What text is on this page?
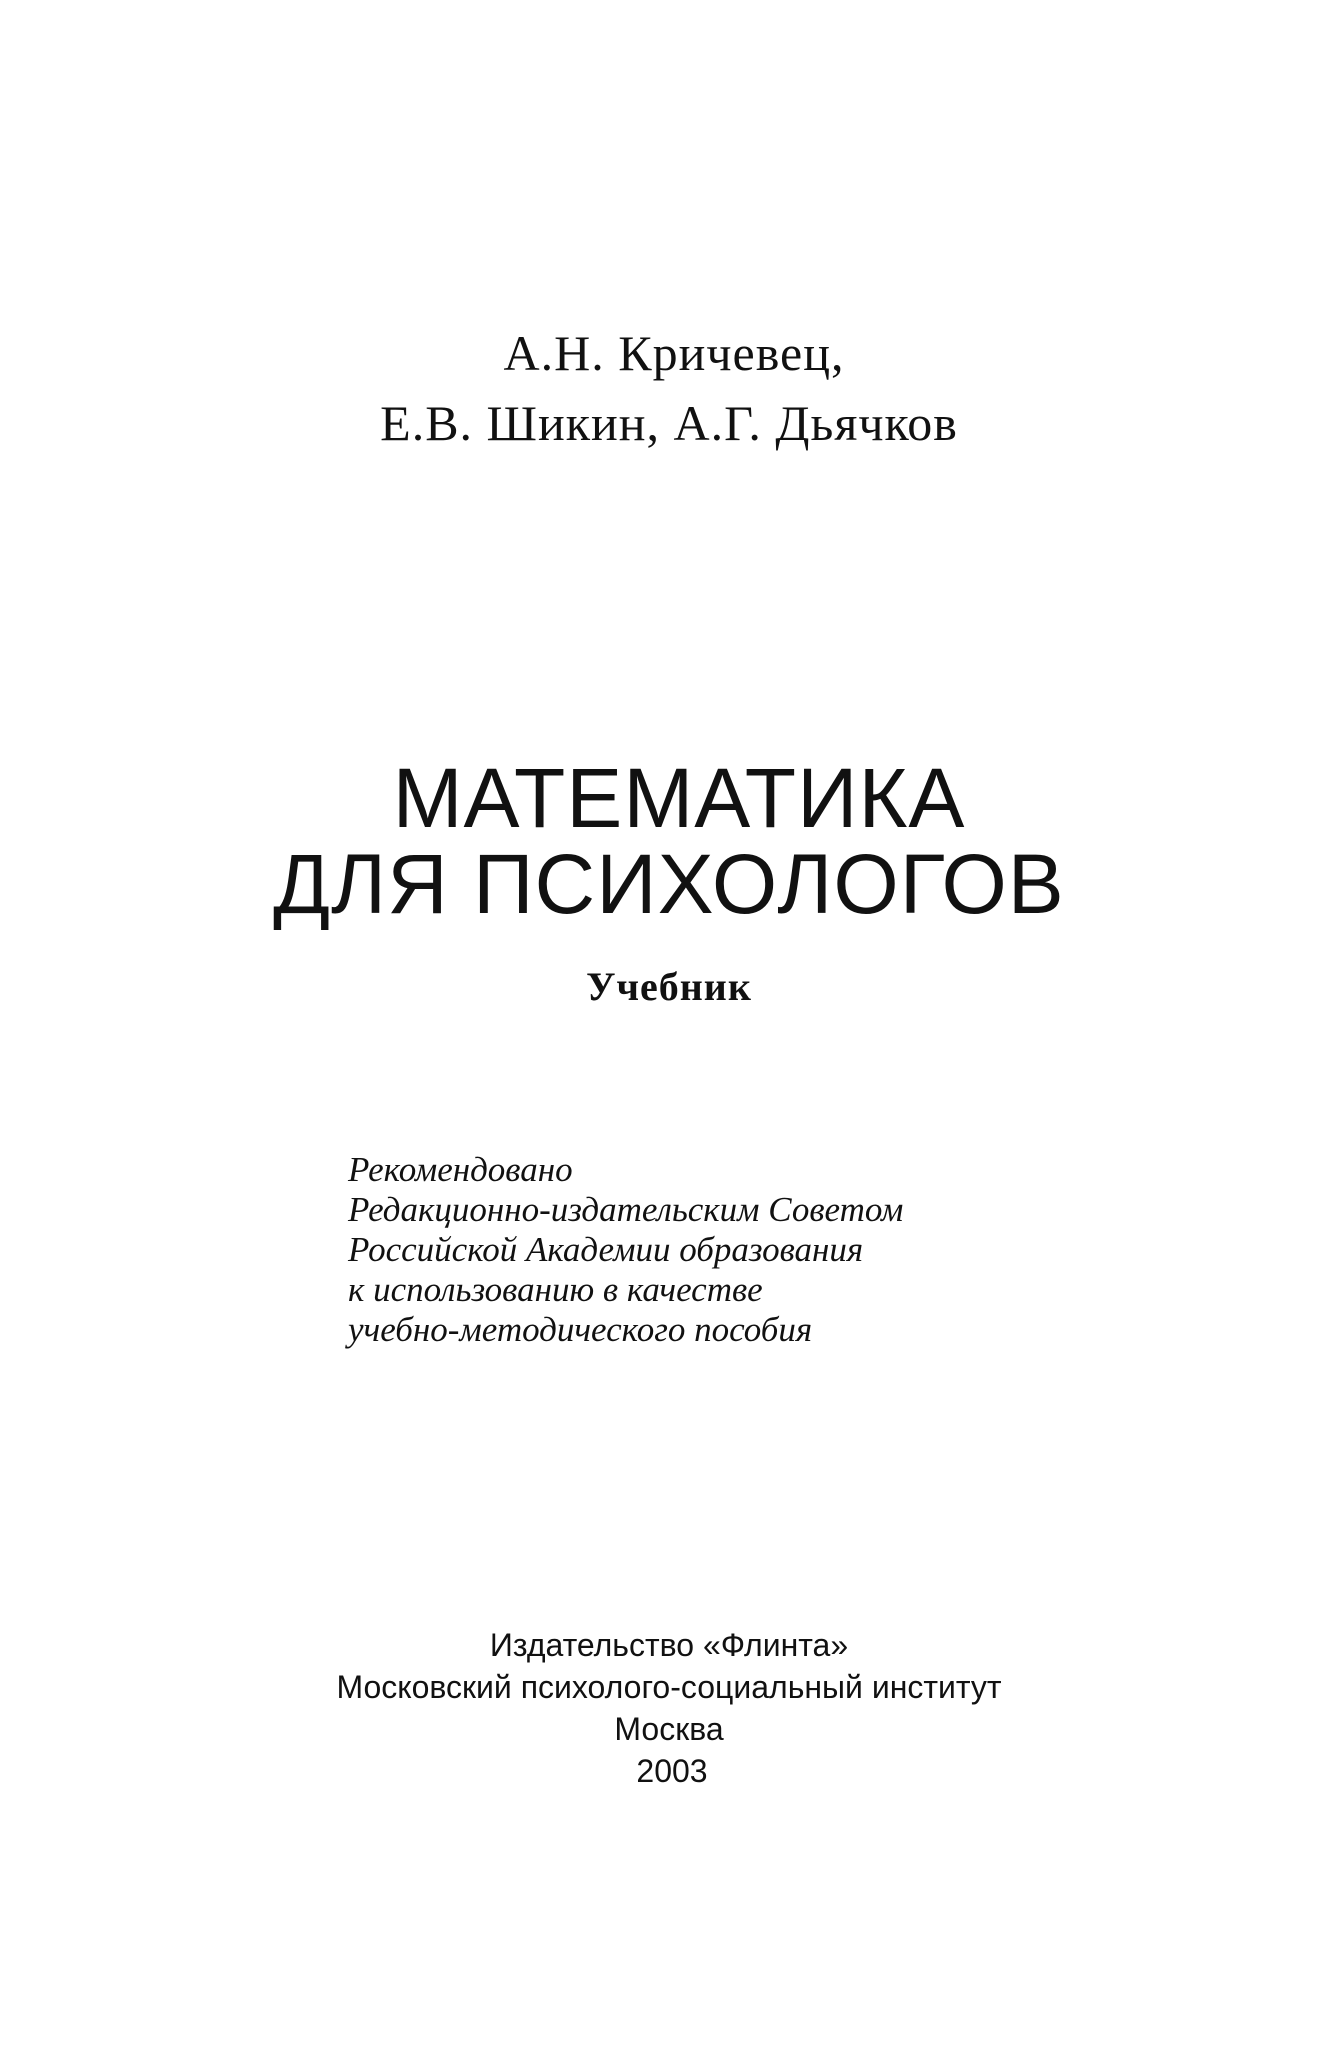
А.Н. Кричевец,
Е.В. Шикин, А.Г. Дьячков
МАТЕМАТИКА
ДЛЯ ПСИХОЛОГОВ
Учебник
Рекомендовано
Редакционно-издательским Советом
Российской Академии образования
к использованию в качестве
учебно-методического пособия
Издательство «Флинта»
Московский психолого-социальный институт
Москва
2003
